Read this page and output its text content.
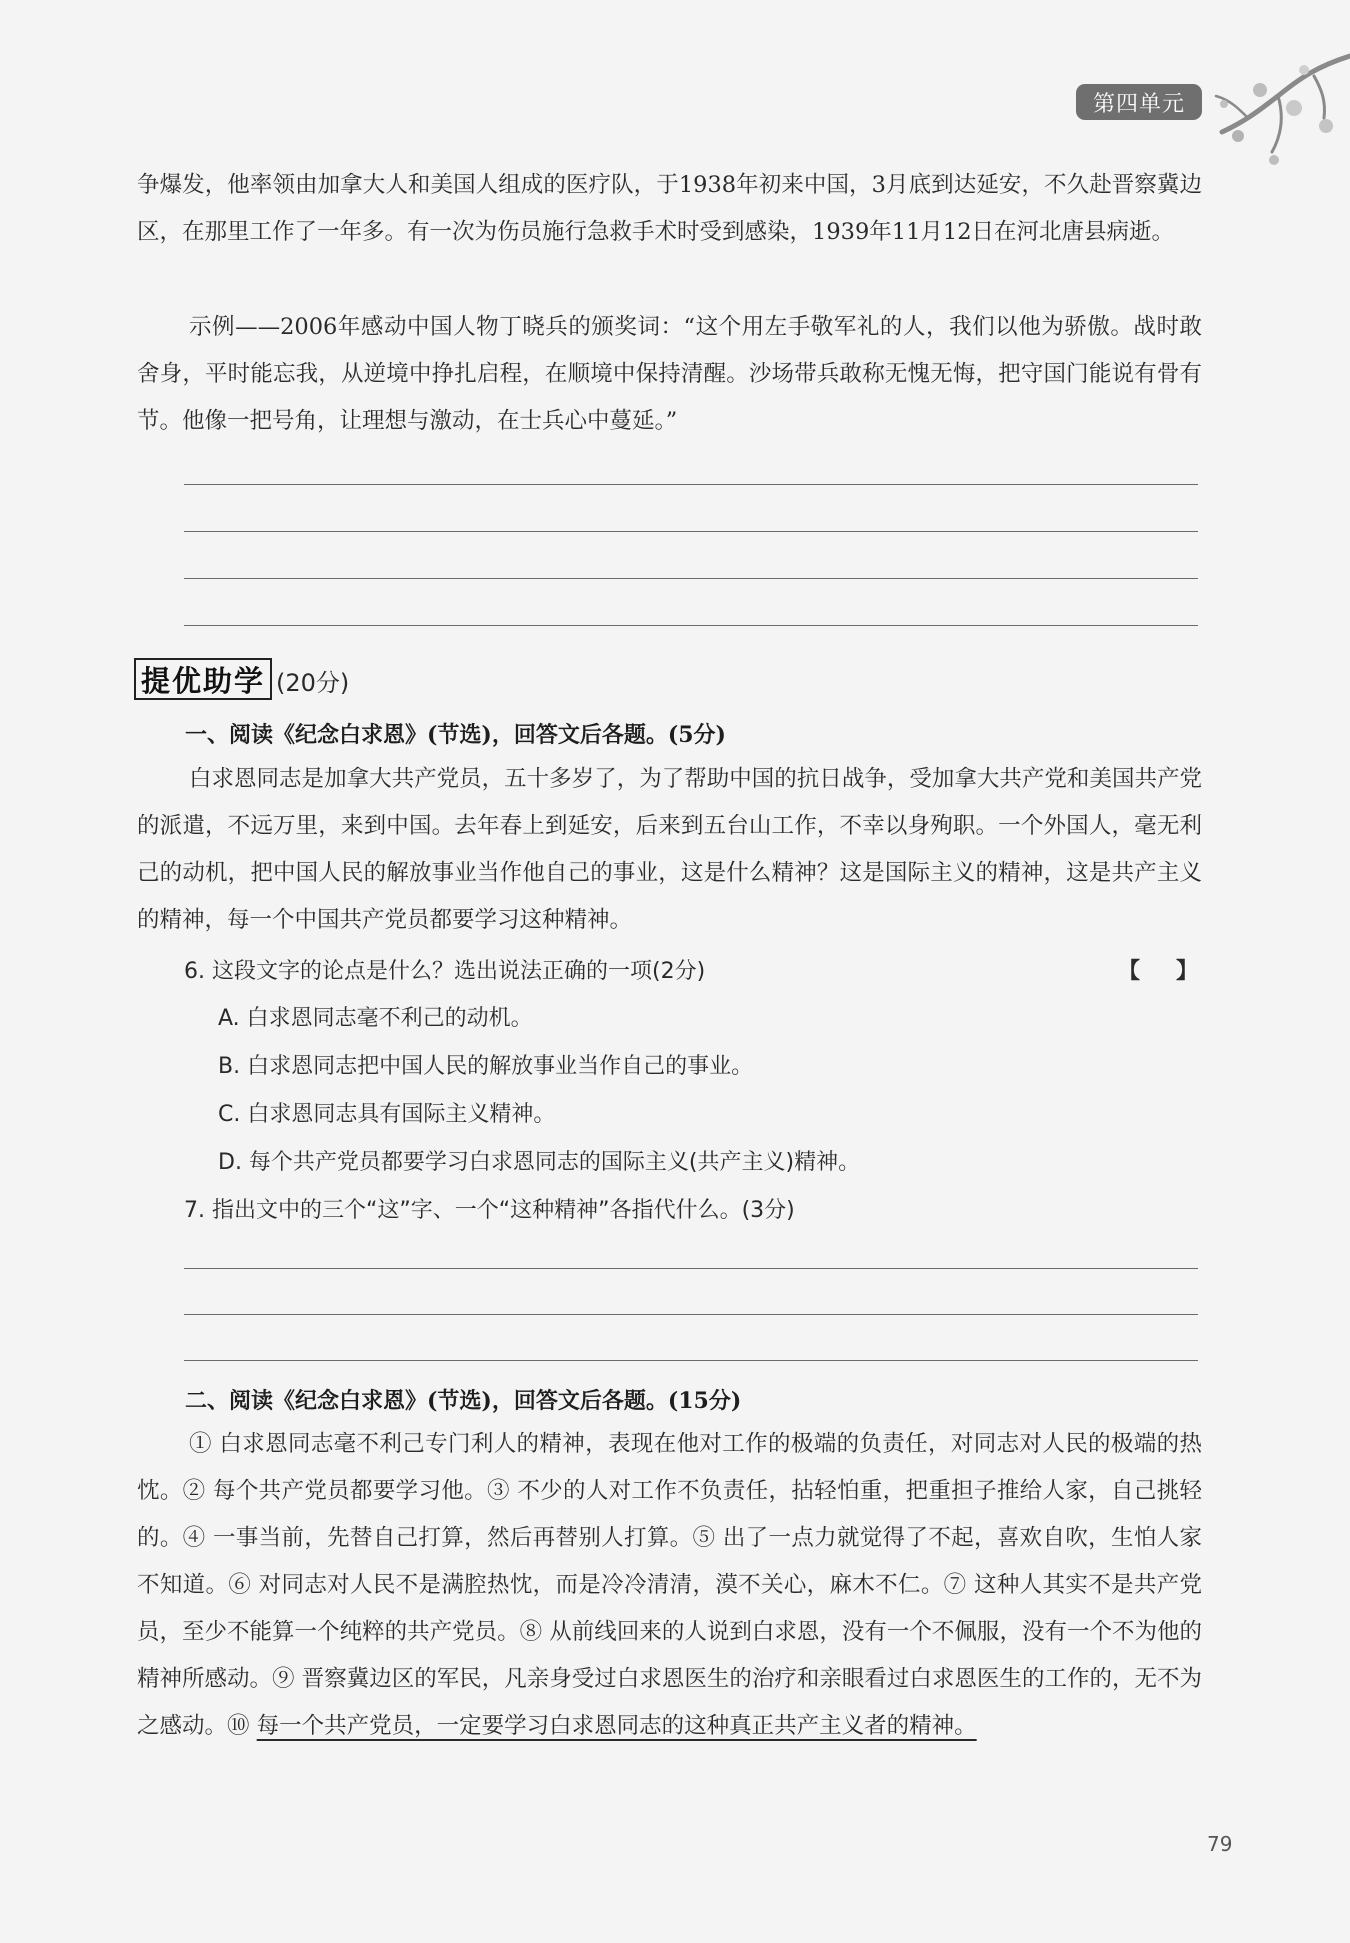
第四单元

争爆发，他率领由加拿大人和美国人组成的医疗队，于1938年初来中国，3月底到达延安，不久赴晋察冀边区，在那里工作了一年多。有一次为伤员施行急救手术时受到感染，1939年11月12日在河北唐县病逝。

示例——2006年感动中国人物丁晓兵的颁奖词：“这个用左手敬军礼的人，我们以他为骄傲。战时敢舍身，平时能忘我，从逆境中挣扎启程，在顺境中保持清醒。沙场带兵敢称无愧无悔，把守国门能说有骨有节。他像一把号角，让理想与激动，在士兵心中蔓延。”

提优助学 (20分)
一、阅读《纪念白求恩》(节选)，回答文后各题。(5分)

白求恩同志是加拿大共产党员，五十多岁了，为了帮助中国的抗日战争，受加拿大共产党和美国共产党的派遣，不远万里，来到中国。去年春上到延安，后来到五台山工作，不幸以身殉职。一个外国人，毫无利己的动机，把中国人民的解放事业当作他自己的事业，这是什么精神？这是国际主义的精神，这是共产主义的精神，每一个中国共产党员都要学习这种精神。

6. 这段文字的论点是什么？选出说法正确的一项(2分)	【 】
A. 白求恩同志毫不利己的动机。
B. 白求恩同志把中国人民的解放事业当作自己的事业。
C. 白求恩同志具有国际主义精神。
D. 每个共产党员都要学习白求恩同志的国际主义(共产主义)精神。
7. 指出文中的三个“这”字、一个“这种精神”各指代什么。(3分)
二、阅读《纪念白求恩》(节选)，回答文后各题。(15分)

① 白求恩同志毫不利己专门利人的精神，表现在他对工作的极端的负责任，对同志对人民的极端的热忱。② 每个共产党员都要学习他。③ 不少的人对工作不负责任，拈轻怕重，把重担子推给人家，自己挑轻的。④ 一事当前，先替自己打算，然后再替别人打算。⑤ 出了一点力就觉得了不起，喜欢自吹，生怕人家不知道。⑥ 对同志对人民不是满腔热忱，而是冷冷清清，漠不关心，麻木不仁。⑦ 这种人其实不是共产党员，至少不能算一个纯粹的共产党员。⑧ 从前线回来的人说到白求恩，没有一个不佩服，没有一个不为他的精神所感动。⑨ 晋察冀边区的军民，凡亲身受过白求恩医生的治疗和亲眼看过白求恩医生的工作的，无不为之感动。⑩ 每一个共产党员，一定要学习白求恩同志的这种真正共产主义者的精神。

79
